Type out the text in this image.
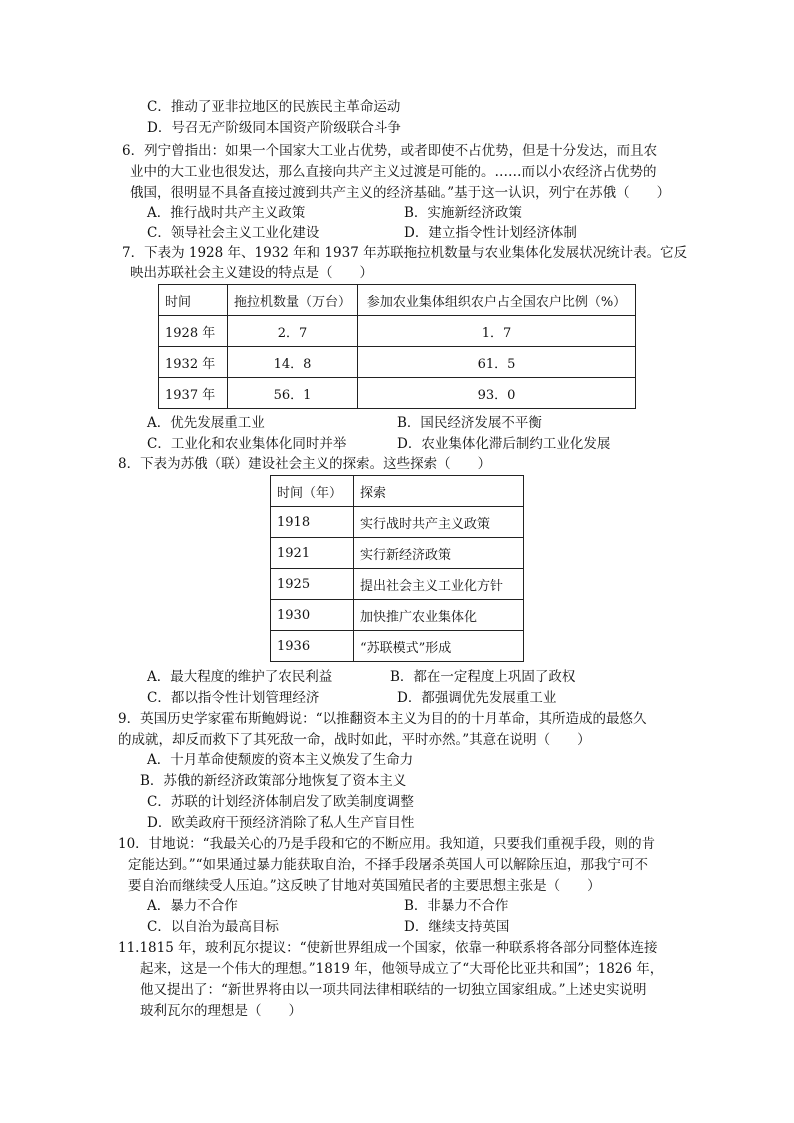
C．推动了亚非拉地区的民族民主革命运动
D．号召无产阶级同本国资产阶级联合斗争
6．列宁曾指出：如果一个国家大工业占优势，或者即使不占优势，但是十分发达，而且农
业中的大工业也很发达，那么直接向共产主义过渡是可能的。……而以小农经济占优势的
俄国，很明显不具备直接过渡到共产主义的经济基础。”基于这一认识，列宁在苏俄（　　）
A．推行战时共产主义政策	B．实施新经济政策
C．领导社会主义工业化建设	D．建立指令性计划经济体制
7．下表为 1928 年、1932 年和 1937 年苏联拖拉机数量与农业集体化发展状况统计表。它反
映出苏联社会主义建设的特点是（　　）
时间	拖拉机数量（万台）	参加农业集体组织农户占全国农户比例（%）
1928 年	2．7	1．7
1932 年	14．8	61．5
1937 年	56．1	93．0
A．优先发展重工业	B．国民经济发展不平衡
C．工业化和农业集体化同时并举	D．农业集体化滞后制约工业化发展
8．下表为苏俄（联）建设社会主义的探索。这些探索（　　）
时间（年）	探索
1918	实行战时共产主义政策
1921	实行新经济政策
1925	提出社会主义工业化方针
1930	加快推广农业集体化
1936	“苏联模式”形成
A．最大程度的维护了农民利益	B．都在一定程度上巩固了政权
C．都以指令性计划管理经济	D．都强调优先发展重工业
9．英国历史学家霍布斯鲍姆说：“以推翻资本主义为目的的十月革命，其所造成的最悠久
的成就，却反而救下了其死敌一命，战时如此，平时亦然。”其意在说明（　　）
A．十月革命使颓废的资本主义焕发了生命力
B．苏俄的新经济政策部分地恢复了资本主义
C．苏联的计划经济体制启发了欧美制度调整
D．欧美政府干预经济消除了私人生产盲目性
10．甘地说：“我最关心的乃是手段和它的不断应用。我知道，只要我们重视手段，则的肯
定能达到。”“如果通过暴力能获取自治，不择手段屠杀英国人可以解除压迫，那我宁可不
要自治而继续受人压迫。”这反映了甘地对英国殖民者的主要思想主张是（　　）
A．暴力不合作	B．非暴力不合作
C．以自治为最高目标	D．继续支持英国
11.1815 年，玻利瓦尔提议：“使新世界组成一个国家，依靠一种联系将各部分同整体连接
起来，这是一个伟大的理想。”1819 年，他领导成立了“大哥伦比亚共和国”；1826 年，
他又提出了：“新世界将由以一项共同法律相联结的一切独立国家组成。”上述史实说明
玻利瓦尔的理想是（　　）
